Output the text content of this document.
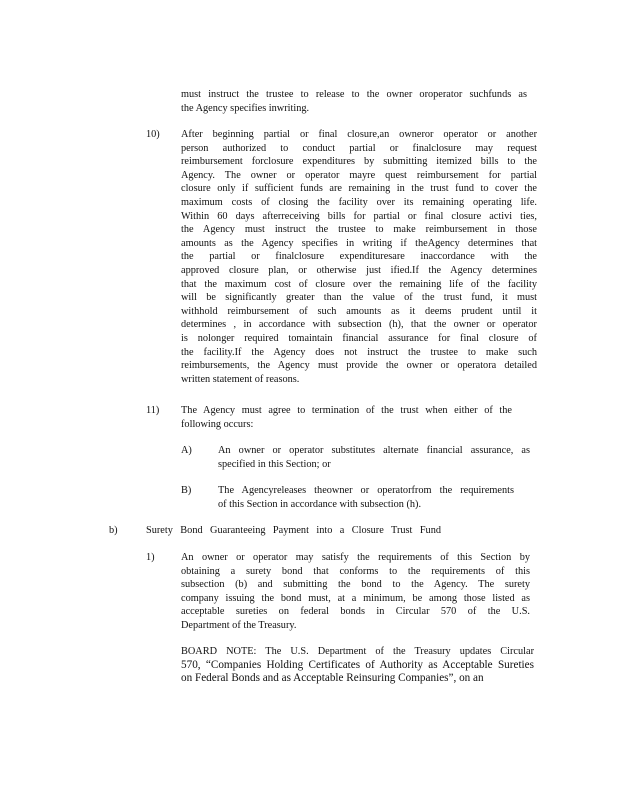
must instruct the trustee to release to the owner oroperator suchfunds as
the Agency specifies inwriting.
10) After beginning partial or final closure,an owneror operator or another
person authorized to conduct partial or finalclosure may request
reimbursement forclosure expenditures by submitting itemized bills to the
Agency. The owner or operator mayre quest reimbursement for partial
closure only if sufficient funds are remaining in the trust fund to cover the
maximum costs of closing the facility over its remaining operating life.
Within 60 days afterreceiving bills for partial or final closure activi ties,
the Agency must instruct the trustee to make reimbursement in those
amounts as the Agency specifies in writing if theAgency determines that
the partial or finalclosure expendituresare inaccordance with the
approved closure plan, or otherwise just ified.If the Agency determines
that the maximum cost of closure over the remaining life of the facility
will be significantly greater than the value of the trust fund, it must
withhold reimbursement of such amounts as it deems prudent until it
determines , in accordance with subsection (h), that the owner or operator
is nolonger required tomaintain financial assurance for final closure of
the facility.If the Agency does not instruct the trustee to make such
reimbursements, the Agency must provide the owner or operatora detailed
written statement of reasons.
11) The Agency must agree to termination of the trust when either of the
following occurs:
A)	An owner or operator substitutes alternate financial assurance, as
specified in this Section; or
B)	The Agencyreleases theowner or operatorfrom the requirements
of this Section in accordance with subsection (h).
b)	Surety Bond Guaranteeing Payment into a Closure Trust Fund
1)	An owner or operator may satisfy the requirements of this Section by
obtaining a surety bond that conforms to the requirements of this
subsection (b) and submitting the bond to the Agency. The surety
company issuing the bond must, at a minimum, be among those listed as
acceptable sureties on federal bonds in Circular 570 of the U.S.
Department of the Treasury.
BOARD NOTE: The U.S. Department of the Treasury updates Circular
570, “Companies Holding Certificates of Authority as Acceptable Sureties
on Federal Bonds and as Acceptable Reinsuring Companies”, on an
